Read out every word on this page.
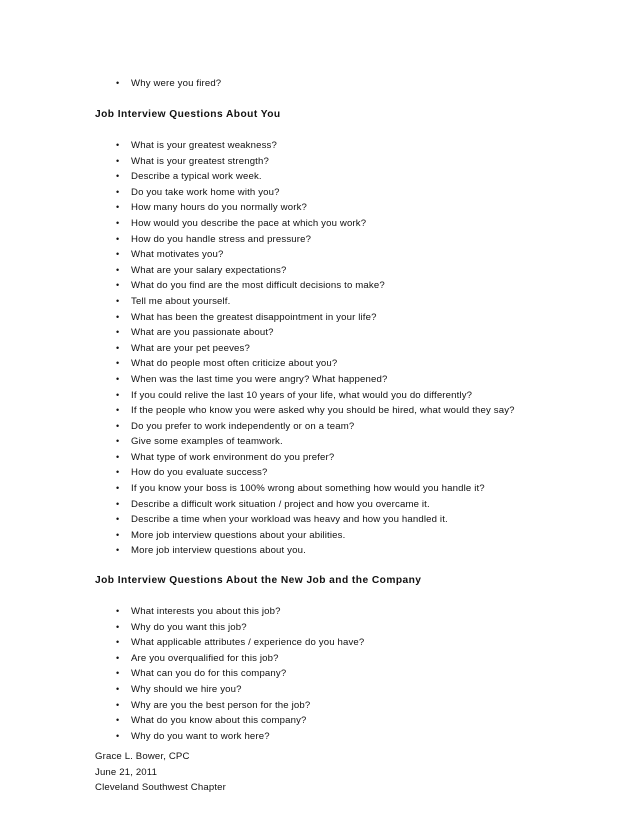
• Why were you fired?
Job Interview Questions About You
• What is your greatest weakness?
• What is your greatest strength?
• Describe a typical work week.
• Do you take work home with you?
• How many hours do you normally work?
• How would you describe the pace at which you work?
• How do you handle stress and pressure?
• What motivates you?
• What are your salary expectations?
• What do you find are the most difficult decisions to make?
• Tell me about yourself.
• What has been the greatest disappointment in your life?
• What are you passionate about?
• What are your pet peeves?
• What do people most often criticize about you?
• When was the last time you were angry? What happened?
• If you could relive the last 10 years of your life, what would you do differently?
• If the people who know you were asked why you should be hired, what would they say?
• Do you prefer to work independently or on a team?
• Give some examples of teamwork.
• What type of work environment do you prefer?
• How do you evaluate success?
• If you know your boss is 100% wrong about something how would you handle it?
• Describe a difficult work situation / project and how you overcame it.
• Describe a time when your workload was heavy and how you handled it.
• More job interview questions about your abilities.
• More job interview questions about you.
Job Interview Questions About the New Job and the Company
• What interests you about this job?
• Why do you want this job?
• What applicable attributes / experience do you have?
• Are you overqualified for this job?
• What can you do for this company?
• Why should we hire you?
• Why are you the best person for the job?
• What do you know about this company?
• Why do you want to work here?
Grace L. Bower, CPC
June 21, 2011
Cleveland Southwest Chapter
